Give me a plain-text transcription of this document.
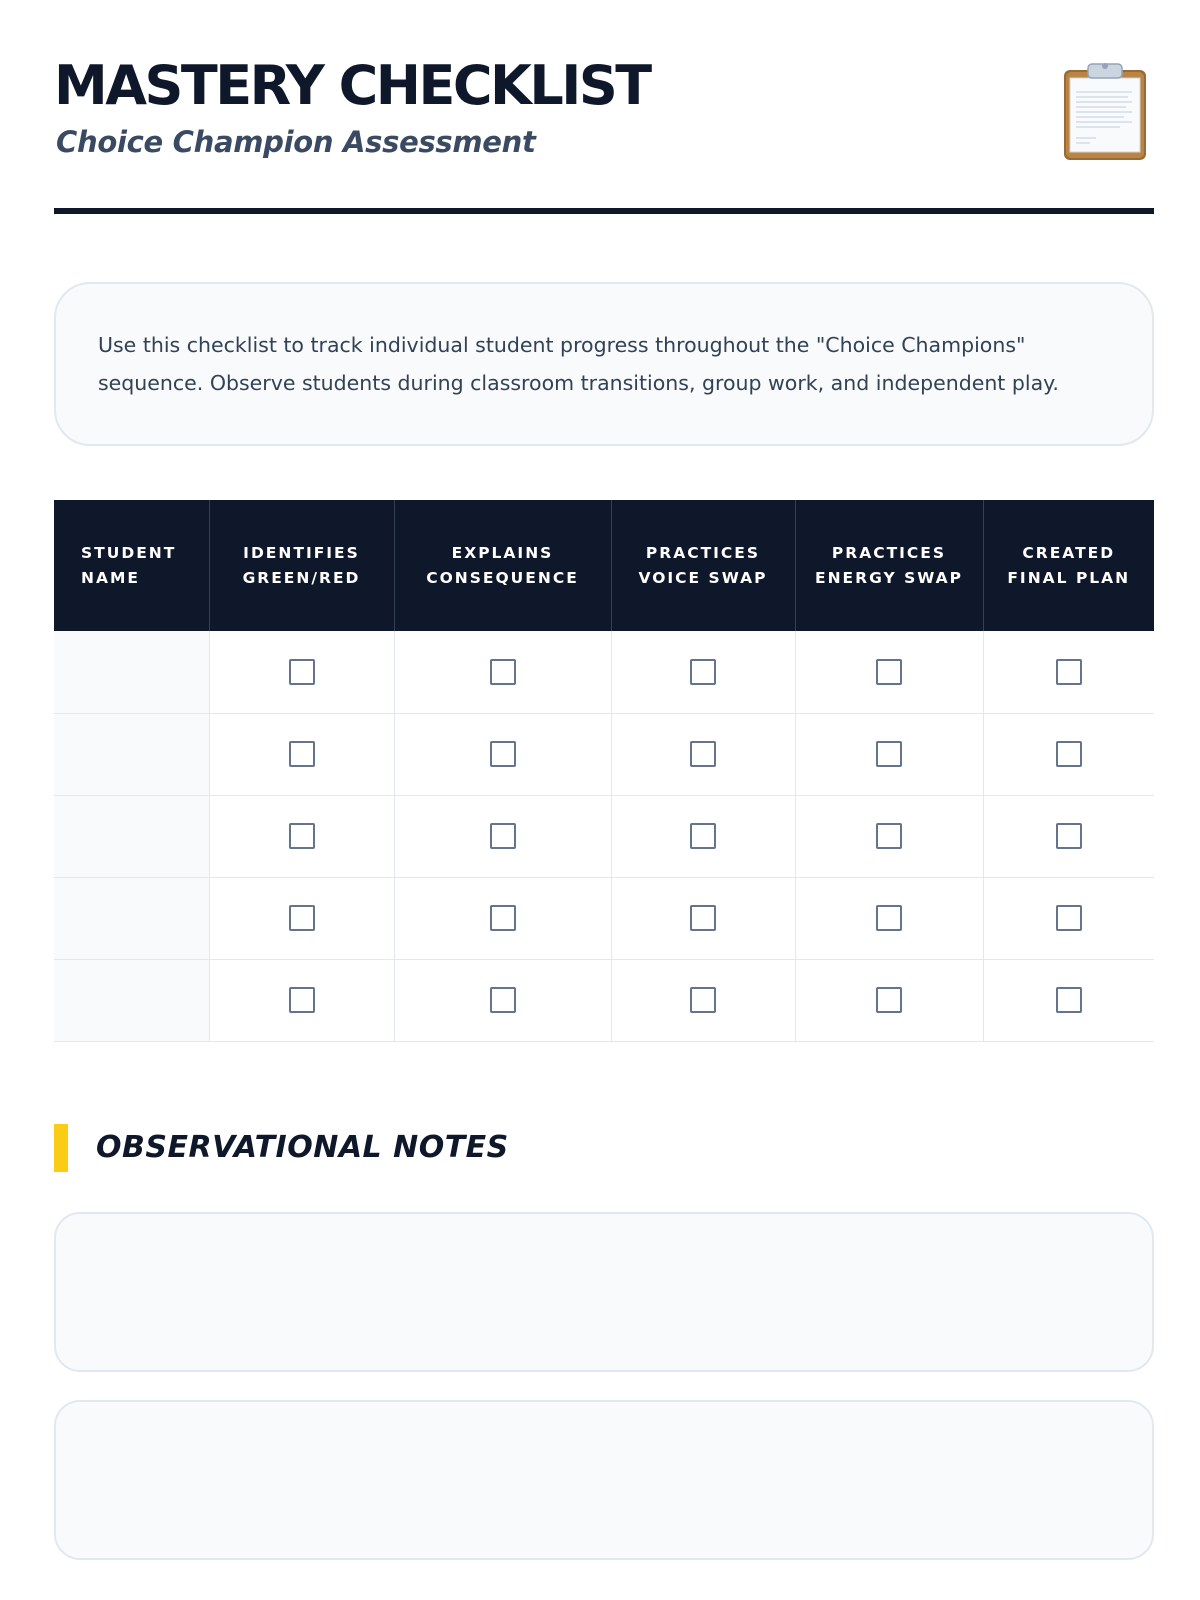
MASTERY CHECKLIST
Choice Champion Assessment

Use this checklist to track individual student progress throughout the "Choice Champions" sequence. Observe students during classroom transitions, group work, and independent play.

STUDENT NAME	IDENTIFIES GREEN/RED	EXPLAINS CONSEQUENCE	PRACTICES VOICE SWAP	PRACTICES ENERGY SWAP	CREATED FINAL PLAN

OBSERVATIONAL NOTES
